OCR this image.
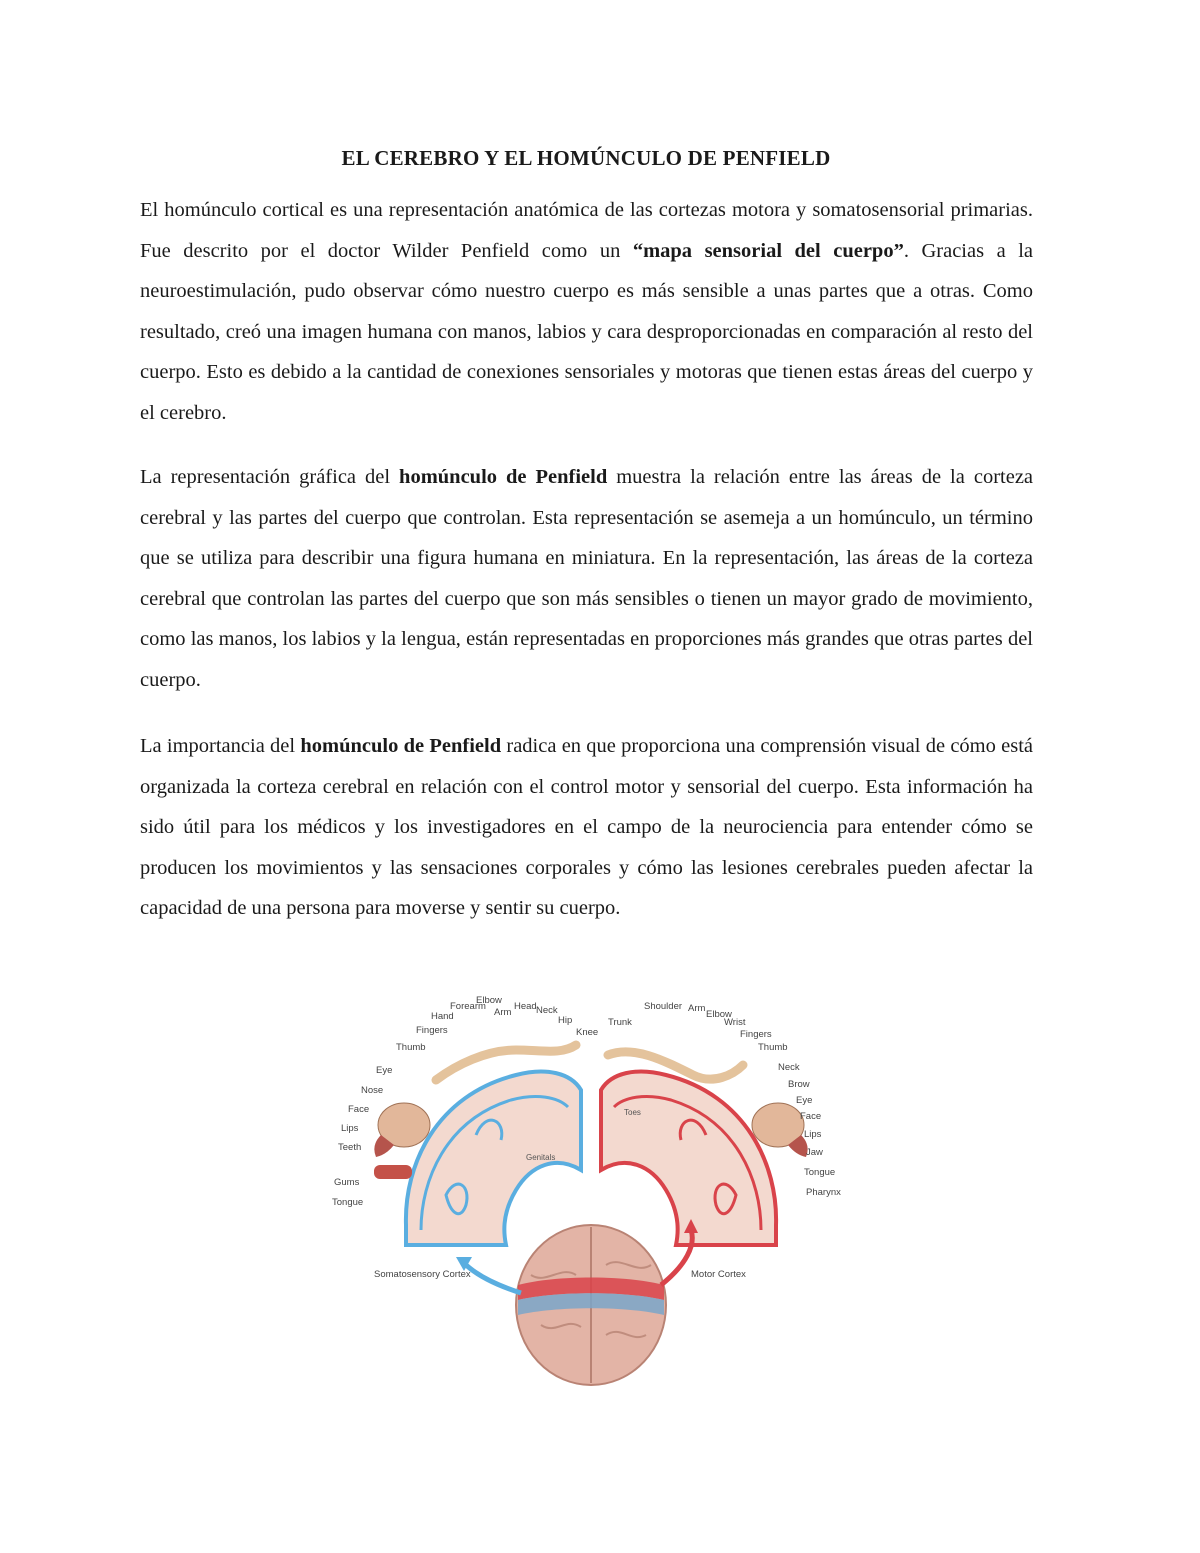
EL CEREBRO Y EL HOMÚNCULO DE PENFIELD

El homúnculo cortical es una representación anatómica de las cortezas motora y somatosensorial primarias. Fue descrito por el doctor Wilder Penfield como un “mapa sensorial del cuerpo”. Gracias a la neuroestimulación, pudo observar cómo nuestro cuerpo es más sensible a unas partes que a otras. Como resultado, creó una imagen humana con manos, labios y cara desproporcionadas en comparación al resto del cuerpo. Esto es debido a la cantidad de conexiones sensoriales y motoras que tienen estas áreas del cuerpo y el cerebro.

La representación gráfica del homúnculo de Penfield muestra la relación entre las áreas de la corteza cerebral y las partes del cuerpo que controlan. Esta representación se asemeja a un homúnculo, un término que se utiliza para describir una figura humana en miniatura. En la representación, las áreas de la corteza cerebral que controlan las partes del cuerpo que son más sensibles o tienen un mayor grado de movimiento, como las manos, los labios y la lengua, están representadas en proporciones más grandes que otras partes del cuerpo.

La importancia del homúnculo de Penfield radica en que proporciona una comprensión visual de cómo está organizada la corteza cerebral en relación con el control motor y sensorial del cuerpo. Esta información ha sido útil para los médicos y los investigadores en el campo de la neurociencia para entender cómo se producen los movimientos y las sensaciones corporales y cómo las lesiones cerebrales pueden afectar la capacidad de una persona para moverse y sentir su cuerpo.

Genitals
Toes
Somatosensory Cortex	Motor Cortex
Thumb
Eye
Nose
Face
Lips
Teeth
Gums
Tongue
Fingers
Hand
Forearm
Elbow
Arm
Head Neck
Hip
Knee
Trunk
Shoulder Arm
Elbow
Wrist
Fingers
Thumb
Neck
Brow
Eye
Face
Lips
Jaw
Tongue
Pharynx
